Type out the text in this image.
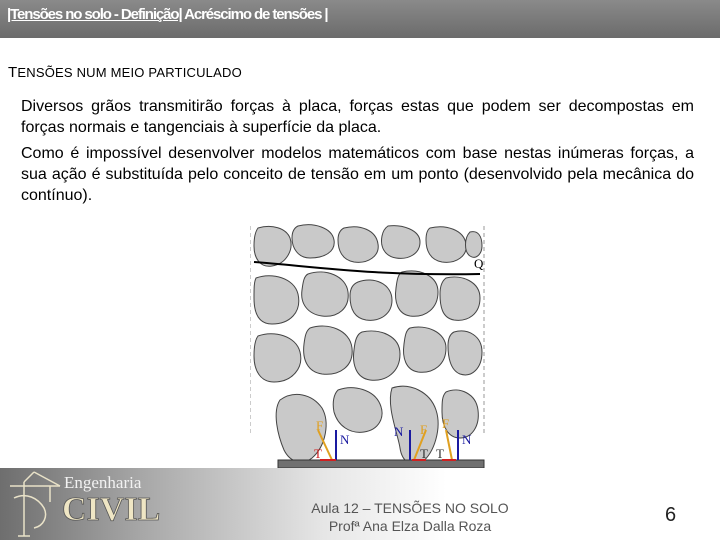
|Tensões no solo - Definição| Acréscimo de tensões |
TENSÕES NUM MEIO PARTICULADO
Diversos grãos transmitirão forças à placa, forças estas que podem ser decompostas em forças normais e tangenciais à superfície da placa.
Como é impossível desenvolver modelos matemáticos com base nestas inúmeras forças, a sua ação é substituída pelo conceito de tensão em um ponto (desenvolvido pela mecânica do contínuo).
Q
F
T
N
N F
T
F
T
N
Engenharia
CIVIL	Aula 12 – TENSÕES NO SOLO
Profª Ana Elza Dalla Roza	6
